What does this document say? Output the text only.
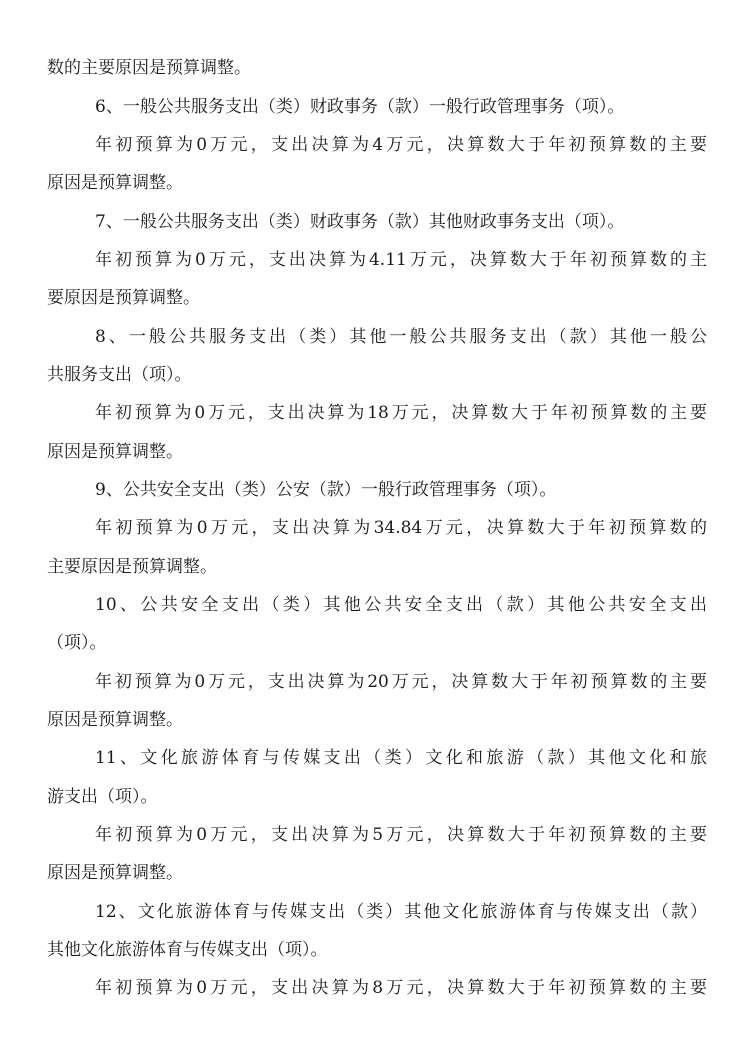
数的主要原因是预算调整。
6、一般公共服务支出（类）财政事务（款）一般行政管理事务（项）。
年初预算为0万元，支出决算为4万元，决算数大于年初预算数的主要
原因是预算调整。
7、一般公共服务支出（类）财政事务（款）其他财政事务支出（项）。
年初预算为0万元，支出决算为4.11万元，决算数大于年初预算数的主
要原因是预算调整。
8、一般公共服务支出（类）其他一般公共服务支出（款）其他一般公
共服务支出（项）。
年初预算为0万元，支出决算为18万元，决算数大于年初预算数的主要
原因是预算调整。
9、公共安全支出（类）公安（款）一般行政管理事务（项）。
年初预算为0万元，支出决算为34.84万元，决算数大于年初预算数的
主要原因是预算调整。
10、公共安全支出（类）其他公共安全支出（款）其他公共安全支出
（项）。
年初预算为0万元，支出决算为20万元，决算数大于年初预算数的主要
原因是预算调整。
11、文化旅游体育与传媒支出（类）文化和旅游（款）其他文化和旅
游支出（项）。
年初预算为0万元，支出决算为5万元，决算数大于年初预算数的主要
原因是预算调整。
12、文化旅游体育与传媒支出（类）其他文化旅游体育与传媒支出（款）
其他文化旅游体育与传媒支出（项）。
年初预算为0万元，支出决算为8万元，决算数大于年初预算数的主要
